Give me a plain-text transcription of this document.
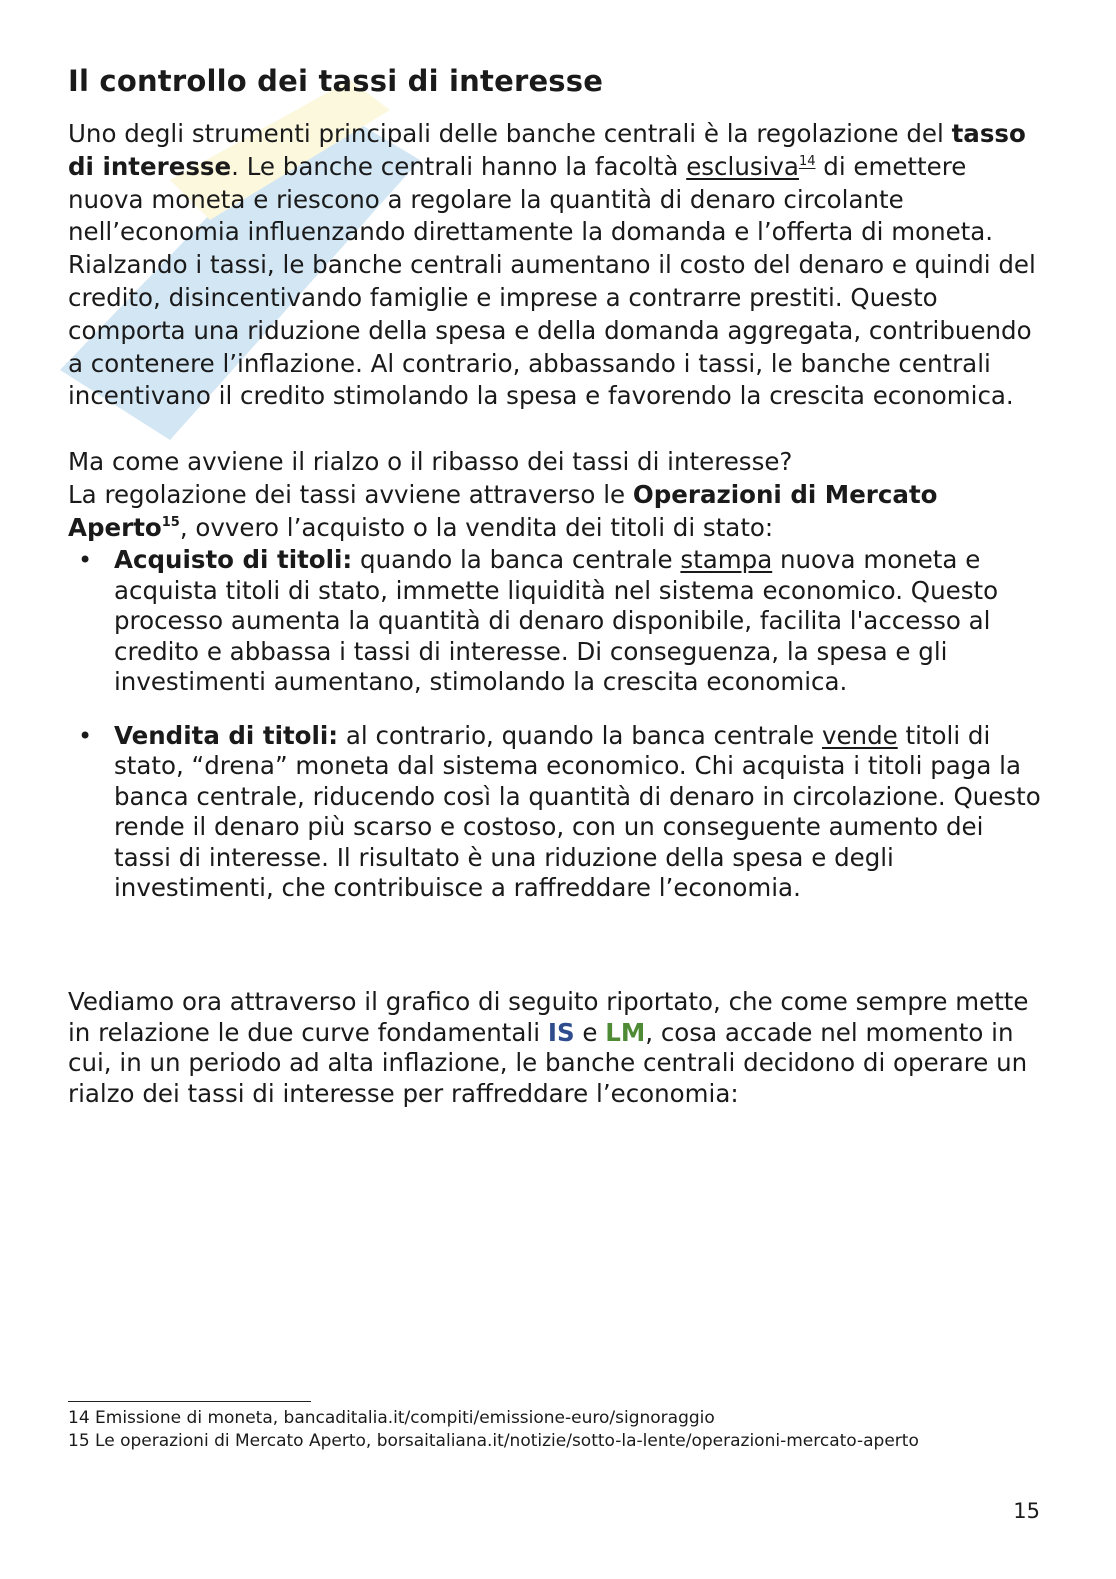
Il controllo dei tassi di interesse

Uno degli strumenti principali delle banche centrali è la regolazione del tasso di interesse. Le banche centrali hanno la facoltà esclusiva$^{14}$ di emettere nuova moneta e riescono a regolare la quantità di denaro circolante nell’economia influenzando direttamente la domanda e l’offerta di moneta. Rialzando i tassi, le banche centrali aumentano il costo del denaro e quindi del credito, disincentivando famiglie e imprese a contrarre prestiti. Questo comporta una riduzione della spesa e della domanda aggregata, contribuendo a contenere l’inflazione. Al contrario, abbassando i tassi, le banche centrali incentivano il credito stimolando la spesa e favorendo la crescita economica.

Ma come avviene il rialzo o il ribasso dei tassi di interesse?

La regolazione dei tassi avviene attraverso le Operazioni di Mercato Aperto$^{15}$, ovvero l’acquisto o la vendita dei titoli di stato:

• Acquisto di titoli: quando la banca centrale stampa nuova moneta e acquista titoli di stato, immette liquidità nel sistema economico. Questo processo aumenta la quantità di denaro disponibile, facilita l'accesso al credito e abbassa i tassi di interesse. Di conseguenza, la spesa e gli investimenti aumentano, stimolando la crescita economica.
• Vendita di titoli: al contrario, quando la banca centrale vende titoli di stato, “drena” moneta dal sistema economico. Chi acquista i titoli paga la banca centrale, riducendo così la quantità di denaro in circolazione. Questo rende il denaro più scarso e costoso, con un conseguente aumento dei tassi di interesse. Il risultato è una riduzione della spesa e degli investimenti, che contribuisce a raffreddare l’economia.

Vediamo ora attraverso il grafico di seguito riportato, che come sempre mette in relazione le due curve fondamentali IS e LM, cosa accade nel momento in cui, in un periodo ad alta inflazione, le banche centrali decidono di operare un rialzo dei tassi di interesse per raffreddare l’economia:

14 Emissione di moneta, bancaditalia.it/compiti/emissione-euro/signoraggio
15 Le operazioni di Mercato Aperto, borsaitaliana.it/notizie/sotto-la-lente/operazioni-mercato-aperto
15
